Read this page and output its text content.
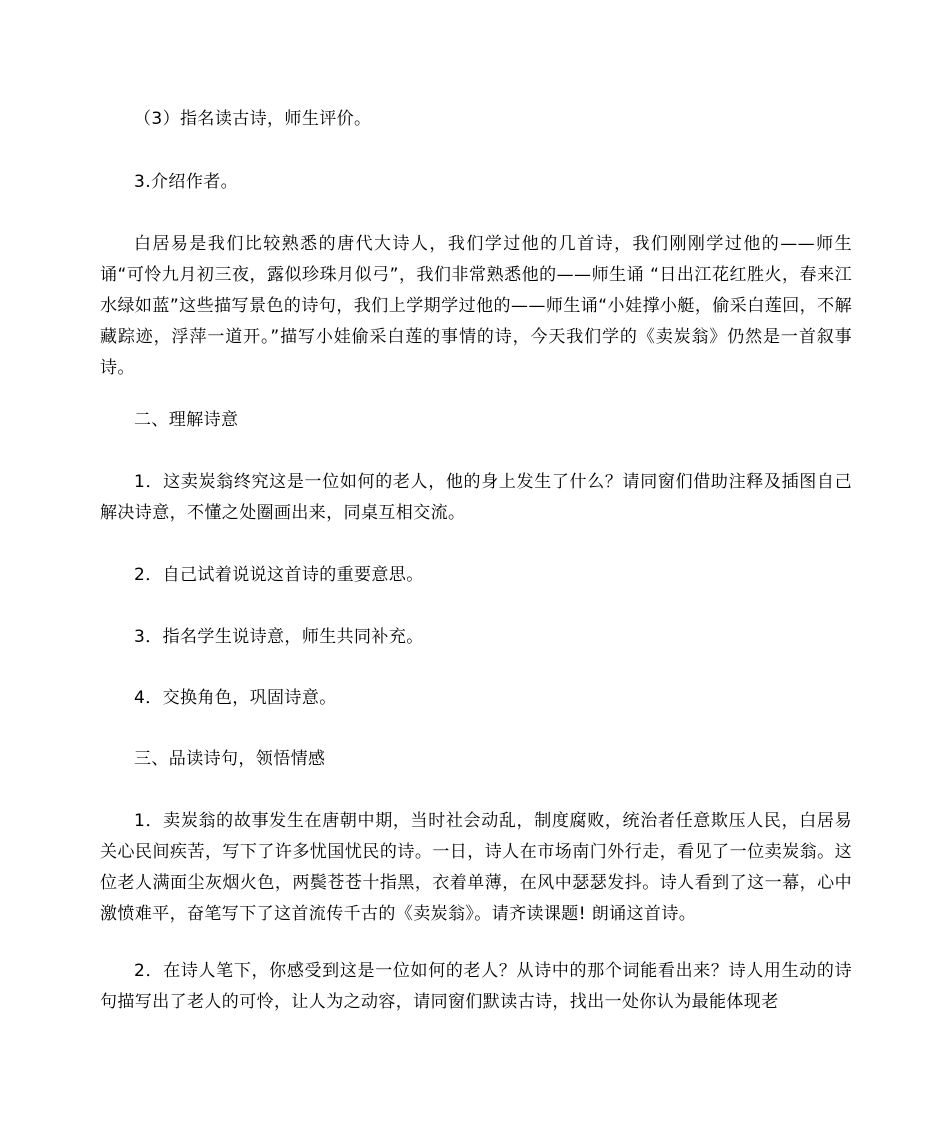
（3）指名读古诗，师生评价。

3.介绍作者。

白居易是我们比较熟悉的唐代大诗人，我们学过他的几首诗，我们刚刚学过他的——师生诵“可怜九月初三夜，露似珍珠月似弓”，我们非常熟悉他的——师生诵 “日出江花红胜火，春来江水绿如蓝”这些描写景色的诗句，我们上学期学过他的——师生诵“小娃撑小艇，偷采白莲回，不解藏踪迹，浮萍一道开。”描写小娃偷采白莲的事情的诗，今天我们学的《卖炭翁》仍然是一首叙事诗。

二、理解诗意

1．这卖炭翁终究这是一位如何的老人，他的身上发生了什么？请同窗们借助注释及插图自己解决诗意，不懂之处圈画出来，同桌互相交流。

2．自己试着说说这首诗的重要意思。

3．指名学生说诗意，师生共同补充。

4．交换角色，巩固诗意。

三、品读诗句，领悟情感

1．卖炭翁的故事发生在唐朝中期，当时社会动乱，制度腐败，统治者任意欺压人民，白居易关心民间疾苦，写下了许多忧国忧民的诗。一日，诗人在市场南门外行走，看见了一位卖炭翁。这位老人满面尘灰烟火色，两鬓苍苍十指黑，衣着单薄，在风中瑟瑟发抖。诗人看到了这一幕，心中激愤难平，奋笔写下了这首流传千古的《卖炭翁》。请齐读课题! 朗诵这首诗。

2．在诗人笔下，你感受到这是一位如何的老人？从诗中的那个词能看出来？诗人用生动的诗句描写出了老人的可怜，让人为之动容，请同窗们默读古诗，找出一处你认为最能体现老
